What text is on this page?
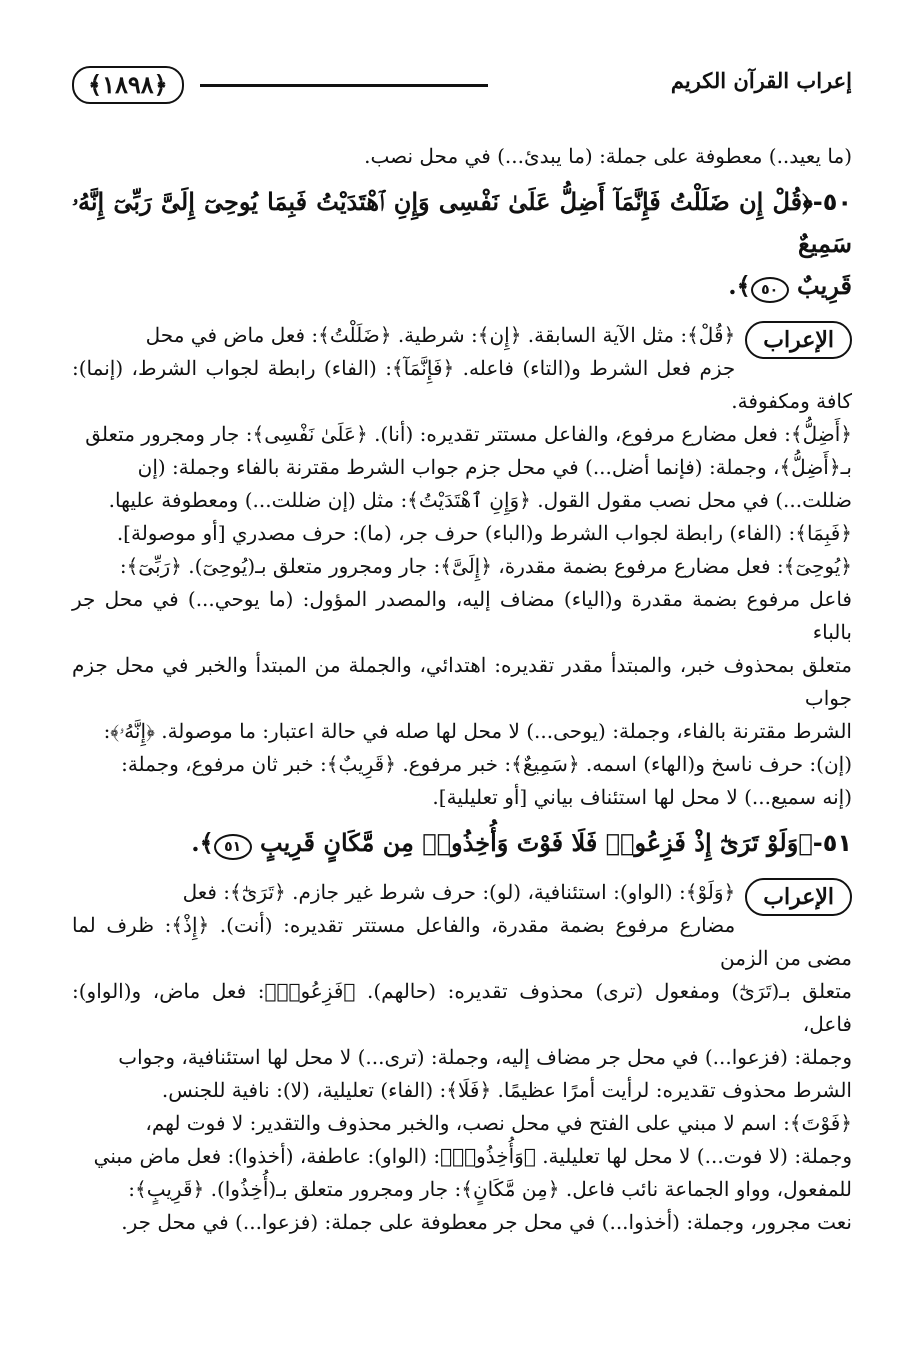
﴿١٨٩٨﴾	إعراب القرآن الكريم

(ما يعيد..) معطوفة على جملة: (ما يبدئ...) في محل نصب.

٥٠-﴿قُلْ إِن ضَلَلْتُ فَإِنَّمَآ أَضِلُّ عَلَىٰ نَفْسِى وَإِنِ ٱهْتَدَيْتُ فَبِمَا يُوحِىٓ إِلَىَّ رَبِّىٓ إِنَّهُۥ سَمِيعٌ
قَرِيبٌ ٥٠﴾.

الإعراب

﴿قُلْ﴾: مثل الآية السابقة. ﴿إِن﴾: شرطية. ﴿ضَلَلْتُ﴾: فعل ماض في محل

جزم فعل الشرط و(التاء) فاعله. ﴿فَإِنَّمَآ﴾: (الفاء) رابطة لجواب الشرط، (إنما): كافة ومكفوفة.

﴿أَضِلُّ﴾: فعل مضارع مرفوع، والفاعل مستتر تقديره: (أنا). ﴿عَلَىٰ نَفْسِى﴾: جار ومجرور متعلق

بـ﴿أَضِلُّ﴾، وجملة: (فإنما أضل...) في محل جزم جواب الشرط مقترنة بالفاء وجملة: (إن

ضللت...) في محل نصب مقول القول. ﴿وَإِنِ ٱهْتَدَيْتُ﴾: مثل (إن ضللت...) ومعطوفة عليها.

﴿فَبِمَا﴾: (الفاء) رابطة لجواب الشرط و(الباء) حرف جر، (ما): حرف مصدري [أو موصولة].

﴿يُوحِىٓ﴾: فعل مضارع مرفوع بضمة مقدرة، ﴿إِلَىَّ﴾: جار ومجرور متعلق بـ(يُوحِىٓ). ﴿رَبِّىٓ﴾:

فاعل مرفوع بضمة مقدرة و(الياء) مضاف إليه، والمصدر المؤول: (ما يوحي...) في محل جر بالباء

متعلق بمحذوف خبر، والمبتدأ مقدر تقديره: اهتدائي، والجملة من المبتدأ والخبر في محل جزم جواب

الشرط مقترنة بالفاء، وجملة: (يوحى...) لا محل لها صله في حالة اعتبار: ما موصولة. ﴿إِنَّهُۥ﴾:

(إن): حرف ناسخ و(الهاء) اسمه. ﴿سَمِيعٌ﴾: خبر مرفوع. ﴿قَرِيبٌ﴾: خبر ثان مرفوع، وجملة:

(إنه سميع...) لا محل لها استئناف بياني [أو تعليلية].

٥١-﴿وَلَوْ تَرَىٰٓ إِذْ فَزِعُوا۟ فَلَا فَوْتَ وَأُخِذُوا۟ مِن مَّكَانٍ قَرِيبٍ ٥١﴾.

الإعراب

﴿وَلَوْ﴾: (الواو): استئنافية، (لو): حرف شرط غير جازم. ﴿تَرَىٰٓ﴾: فعل

مضارع مرفوع بضمة مقدرة، والفاعل مستتر تقديره: (أنت). ﴿إِذْ﴾: ظرف لما مضى من الزمن

متعلق بـ(تَرَىٰٓ) ومفعول (ترى) محذوف تقديره: (حالهم). ﴿فَزِعُوا۟﴾: فعل ماض، و(الواو): فاعل،

وجملة: (فزعوا...) في محل جر مضاف إليه، وجملة: (ترى...) لا محل لها استئنافية، وجواب

الشرط محذوف تقديره: لرأيت أمرًا عظيمًا. ﴿فَلَا﴾: (الفاء) تعليلية، (لا): نافية للجنس.

﴿فَوْتَ﴾: اسم لا مبني على الفتح في محل نصب، والخبر محذوف والتقدير: لا فوت لهم،

وجملة: (لا فوت...) لا محل لها تعليلية. ﴿وَأُخِذُوا۟﴾: (الواو): عاطفة، (أخذوا): فعل ماض مبني

للمفعول، وواو الجماعة نائب فاعل. ﴿مِن مَّكَانٍ﴾: جار ومجرور متعلق بـ(أُخِذُوا). ﴿قَرِيبٍ﴾:

نعت مجرور، وجملة: (أخذوا...) في محل جر معطوفة على جملة: (فزعوا...) في محل جر.
